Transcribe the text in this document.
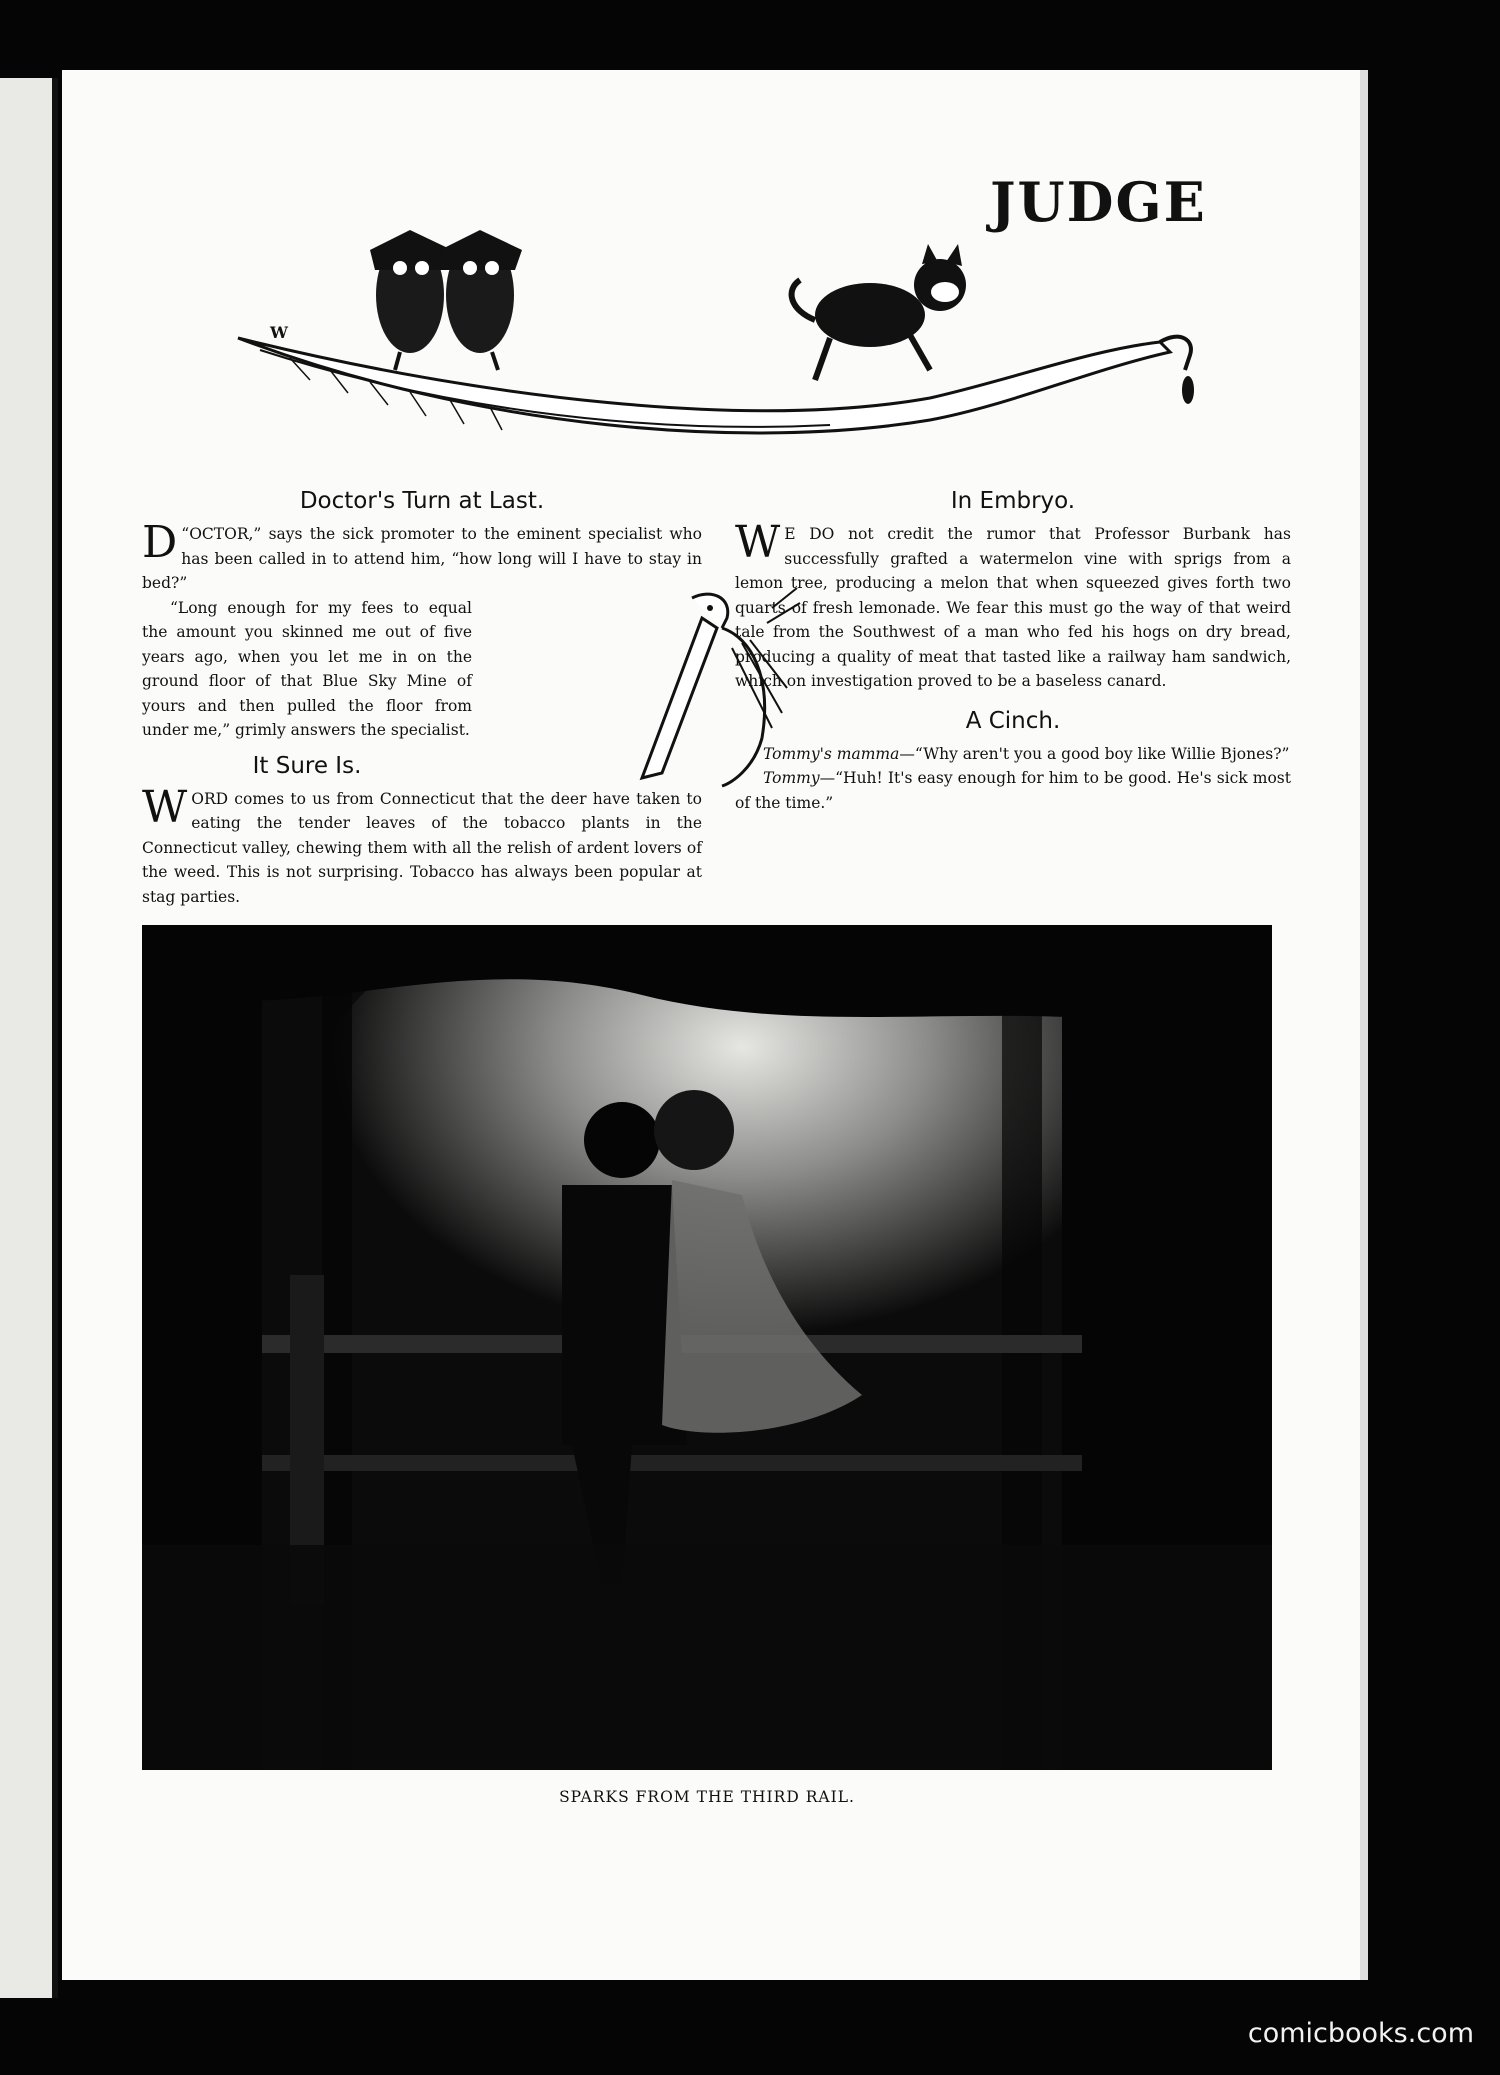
JUDGE
W
Doctor's Turn at Last.

“
D OCTOR,” says the sick promoter to the eminent specialist who has been called in to attend him, “how long will I have to stay in bed?”

“Long enough for my fees to equal the amount you skinned me out of five years ago, when you let me in on the ground floor of that Blue Sky Mine of yours and then pulled the floor from under me,” grimly answers the specialist.

It Sure Is.

WORD comes to us from Connecticut that the deer have taken to eating the tender leaves of the tobacco plants in the Connecticut valley, chewing them with all the relish of ardent lovers of the weed. This is not surprising. Tobacco has always been popular at stag parties.

In Embryo.

W E DO not credit the rumor that Professor Burbank has successfully grafted a watermelon vine with sprigs from a lemon tree, producing a melon that when squeezed gives forth two quarts of fresh lemonade. We fear this must go the way of that weird tale from the Southwest of a man who fed his hogs on dry bread, producing a quality of meat that tasted like a railway ham sandwich, which on investigation proved to be a baseless canard.

A Cinch.

Tommy's mamma—“Why aren't you a good boy like Willie Bjones?”

Tommy—“Huh! It's easy enough for him to be good. He's sick most of the time.”

SPARKS FROM THE THIRD RAIL.
comicbooks.com
